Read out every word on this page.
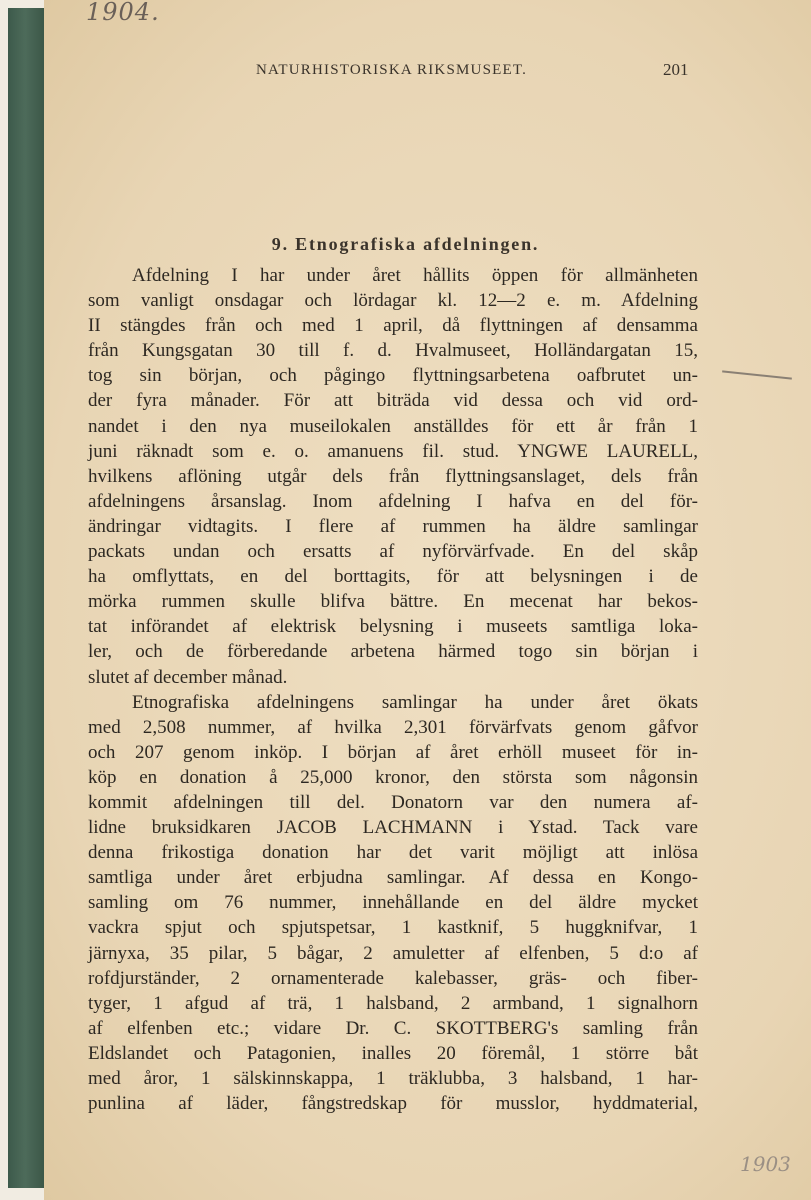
1904.
NATURHISTORISKA RIKSMUSEET.	201
9. Etnografiska afdelningen.
Afdelning I har under året hållits öppen för allmänheten
som vanligt onsdagar och lördagar kl. 12—2 e. m. Afdelning
II stängdes från och med 1 april, då flyttningen af densamma
från Kungsgatan 30 till f. d. Hvalmuseet, Holländargatan 15,
tog sin början, och pågingo flyttningsarbetena oafbrutet un-
der fyra månader. För att biträda vid dessa och vid ord-
nandet i den nya museilokalen anställdes för ett år från 1
juni räknadt som e. o. amanuens fil. stud. YNGWE LAURELL,
hvilkens aflöning utgår dels från flyttningsanslaget, dels från
afdelningens årsanslag. Inom afdelning I hafva en del för-
ändringar vidtagits. I flere af rummen ha äldre samlingar
packats undan och ersatts af nyförvärfvade. En del skåp
ha omflyttats, en del borttagits, för att belysningen i de
mörka rummen skulle blifva bättre. En mecenat har bekos-
tat införandet af elektrisk belysning i museets samtliga loka-
ler, och de förberedande arbetena härmed togo sin början i
slutet af december månad.
Etnografiska afdelningens samlingar ha under året ökats
med 2,508 nummer, af hvilka 2,301 förvärfvats genom gåfvor
och 207 genom inköp. I början af året erhöll museet för in-
köp en donation å 25,000 kronor, den största som någonsin
kommit afdelningen till del. Donatorn var den numera af-
lidne bruksidkaren JACOB LACHMANN i Ystad. Tack vare
denna frikostiga donation har det varit möjligt att inlösa
samtliga under året erbjudna samlingar. Af dessa en Kongo-
samling om 76 nummer, innehållande en del äldre mycket
vackra spjut och spjutspetsar, 1 kastknif, 5 huggknifvar, 1
järnyxa, 35 pilar, 5 bågar, 2 amuletter af elfenben, 5 d:o af
rofdjurständer, 2 ornamenterade kalebasser, gräs- och fiber-
tyger, 1 afgud af trä, 1 halsband, 2 armband, 1 signalhorn
af elfenben etc.; vidare Dr. C. SKOTTBERG's samling från
Eldslandet och Patagonien, inalles 20 föremål, 1 större båt
med åror, 1 sälskinnskappa, 1 träklubba, 3 halsband, 1 har-
punlina af läder, fångstredskap för musslor, hyddmaterial,
1903
